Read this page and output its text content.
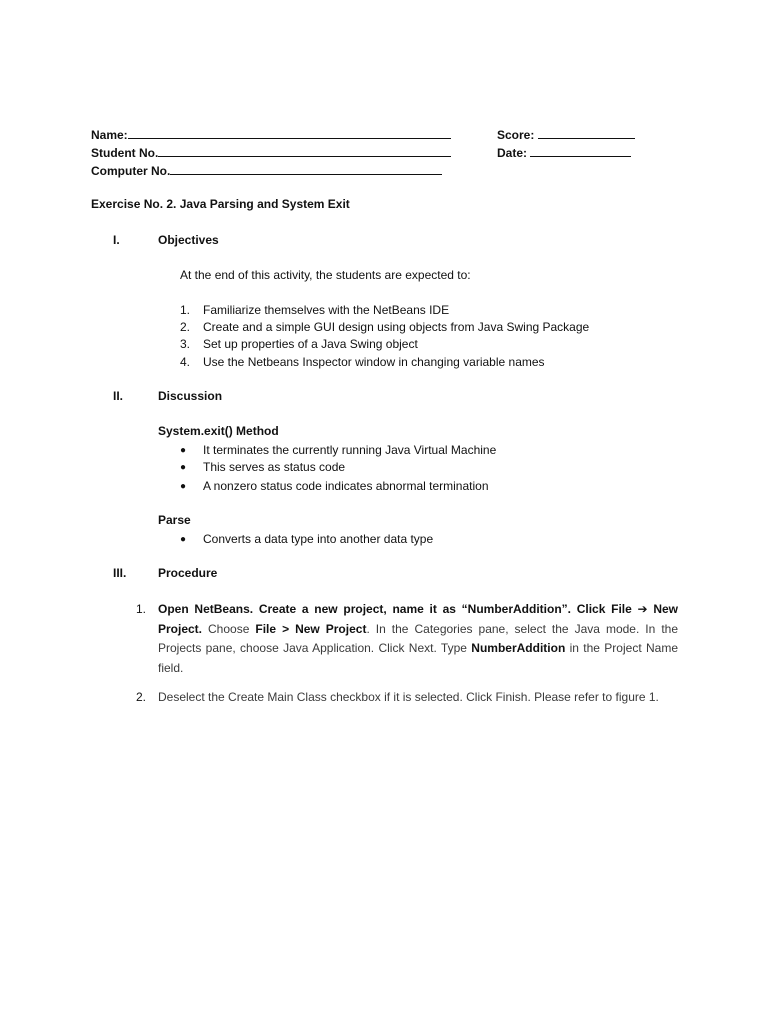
Name:
Student No.
Computer No.
Score:
Date:
Exercise No. 2. Java Parsing and System Exit
I.	Objectives
At the end of this activity, the students are expected to:
1. Familiarize themselves with the NetBeans IDE
2. Create and a simple GUI design using objects from Java Swing Package
3. Set up properties of a Java Swing object
4. Use the Netbeans Inspector window in changing variable names
II.	Discussion
System.exit() Method
● It terminates the currently running Java Virtual Machine
● This serves as status code
● A nonzero status code indicates abnormal termination
Parse
● Converts a data type into another data type
III.	Procedure
1. Open NetBeans. Create a new project, name it as “NumberAddition”. Click File ➔ New Project. Choose File > New Project. In the Categories pane, select the Java mode. In the Projects pane, choose Java Application. Click Next. Type NumberAddition in the Project Name field.
2. Deselect the Create Main Class checkbox if it is selected. Click Finish. Please refer to figure 1.
